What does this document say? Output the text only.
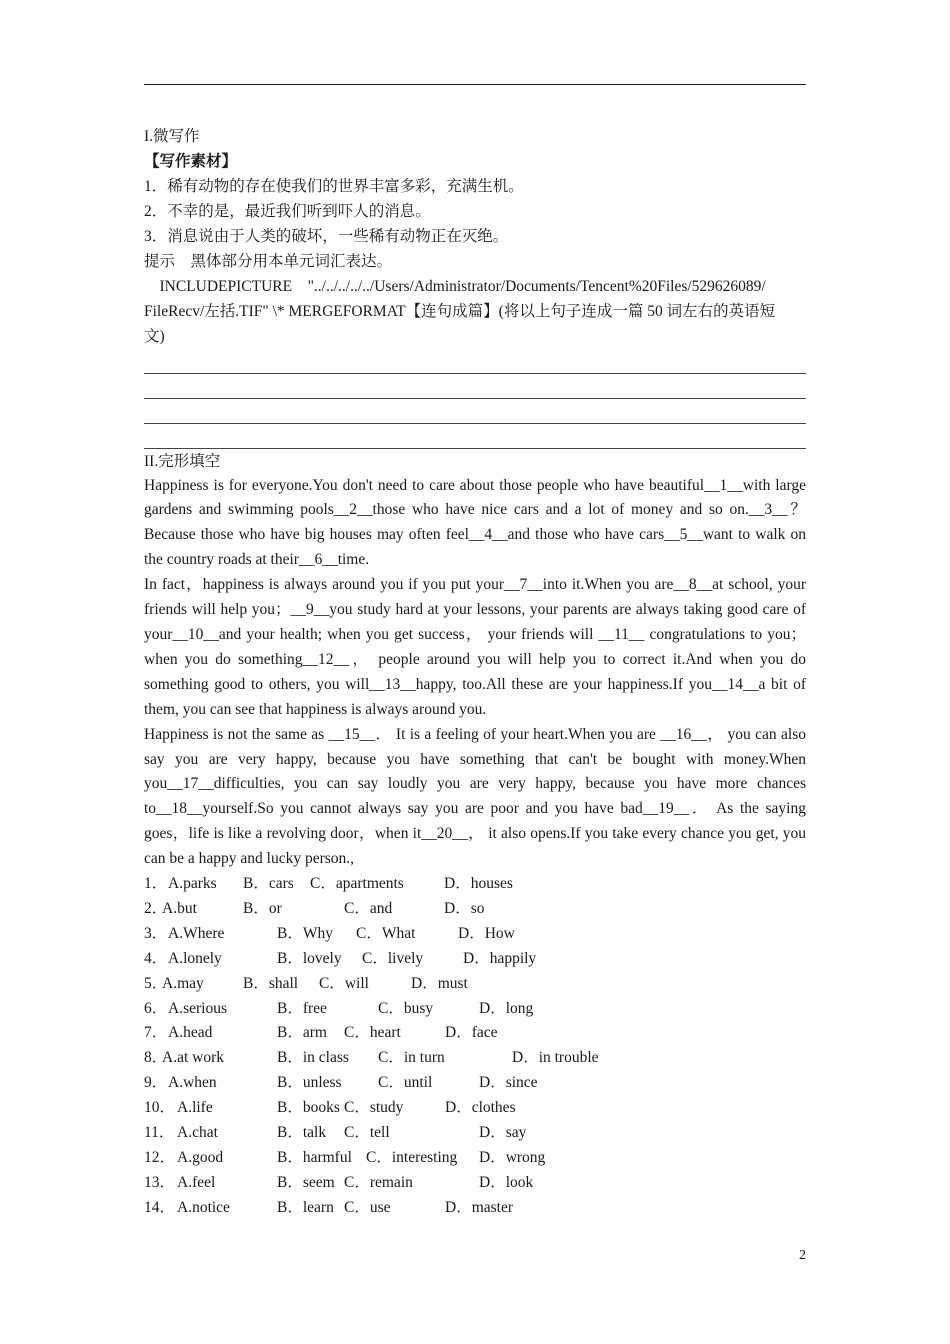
I.微写作
【写作素材】
1．稀有动物的存在使我们的世界丰富多彩，充满生机。
2．不幸的是，最近我们听到吓人的消息。
3．消息说由于人类的破坏，一些稀有动物正在灭绝。
提示　黑体部分用本单元词汇表达。
　INCLUDEPICTURE　"../../../../../Users/Administrator/Documents/Tencent%20Files/529626089/
FileRecv/左括.TIF" \* MERGEFORMAT【连句成篇】(将以上句子连成一篇 50 词左右的英语短
文)
II.完形填空
Happiness is for everyone.You don't need to care about those people who have beautiful__1__with large gardens and swimming pools__2__those who have nice cars and a lot of money and so on.__3__？ Because those who have big houses may often feel__4__and those who have cars__5__want to walk on the country roads at their__6__time.
In fact，happiness is always around you if you put your__7__into it.When you are__8__at school, your friends will help you；__9__you study hard at your lessons, your parents are always taking good care of your__10__and your health; when you get success， your friends will __11__ congratulations to you；when you do something__12__， people around you will help you to correct it.And when you do something good to others, you will__13__happy, too.All these are your happiness.If you__14__a bit of them, you can see that happiness is always around you.
Happiness is not the same as __15__． It is a feeling of your heart.When you are __16__， you can also say you are very happy, because you have something that can't be bought with money.When you__17__difficulties, you can say loudly you are very happy, because you have more chances to__18__yourself.So you cannot always say you are poor and you have bad__19__． As the saying goes，life is like a revolving door，when it__20__， it also opens.If you take every chance you get, you can be a happy and lucky person.,
1． A.parks B．cars C．apartments	D．houses
2．
A.but	B．or	C．and	D．so
3． A.Where	B．Why C．What	D．How
4． A.lonely	B．lovely C．lively	D．happily
5．
A.may	B．shall C．will	D．must
6． A.serious	B．free	C．busy	D．long
7． A.head	B．arm C．heart	D．face
8．
A.at work	B．in class C．in turn	D．in trouble
9． A.when	B．unless C．until	D．since
10． A.life	B．books C．study	D．clothes
11． A.chat	B．talk C．tell	D．say
12． A.good	B．harmful C．interesting D．wrong
13． A.feel	B．seem C．remain	D．look
14． A.notice	B．learn C．use	D．master
2
